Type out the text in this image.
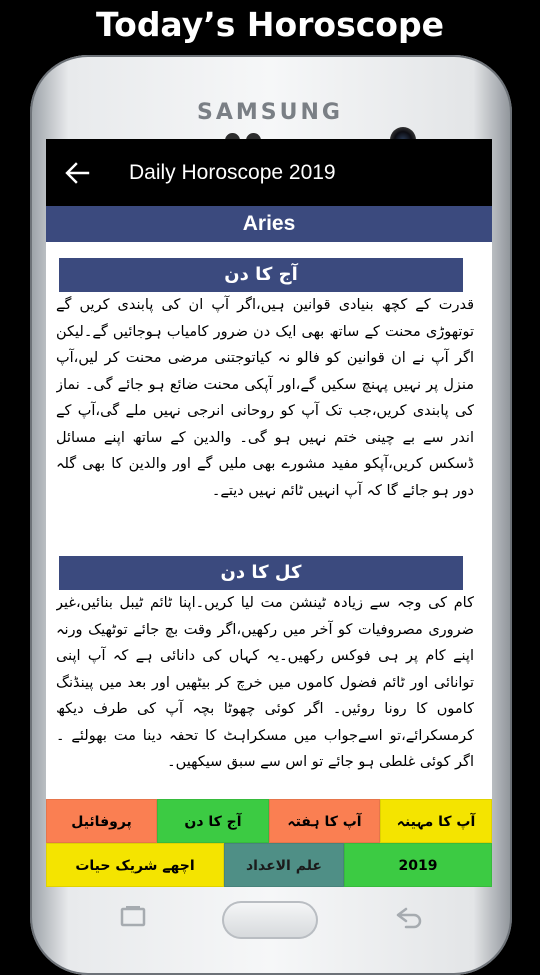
Today’s Horoscope
SAMSUNG
Daily Horoscope 2019
Aries
آج کا دن
قدرت کے کچھ بنیادی قوانین ہیں،اگر آپ ان کی پابندی کریں گے توتھوڑی محنت کے ساتھ بھی ایک دن ضرور کامیاب ہوجائیں گے۔لیکن اگر آپ نے ان قوانین کو فالو نہ کیاتوجتنی مرضی محنت کر لیں،آپ منزل پر نہیں پہنچ سکیں گے،اور آپکی محنت ضائع ہو جائے گی۔ نماز کی پابندی کریں،جب تک آپ کو روحانی انرجی نہیں ملے گی،آپ کے اندر سے بے چینی ختم نہیں ہو گی۔ والدین کے ساتھ اپنے مسائل ڈسکس کریں،آپکو مفید مشورے بھی ملیں گے اور والدین کا بھی گلہ دور ہو جائے گا کہ آپ انہیں ٹائم نہیں دیتے۔
کل کا دن
کام کی وجہ سے زیادہ ٹینشن مت لیا کریں۔اپنا ٹائم ٹیبل بنائیں،غیر ضروری مصروفیات کو آخر میں رکھیں،اگر وقت بچ جائے توٹھیک ورنہ اپنے کام پر ہی فوکس رکھیں۔یہ کہاں کی دانائی ہے کہ آپ اپنی توانائی اور ٹائم فضول کاموں میں خرچ کر بیٹھیں اور بعد میں پینڈنگ کاموں کا رونا روئیں۔ اگر کوئی چھوٹا بچہ آپ کی طرف دیکھ کرمسکرائے،تو اسےجواب میں مسکراہٹ کا تحفہ دینا مت بھولئے ۔ اگر کوئی غلطی ہو جائے تو اس سے سبق سیکھیں۔
آپ کا مہینہ
آپ کا ہفتہ
آج کا دن
پروفائیل
2019
علم الاعداد
اچھے شریک حیات
